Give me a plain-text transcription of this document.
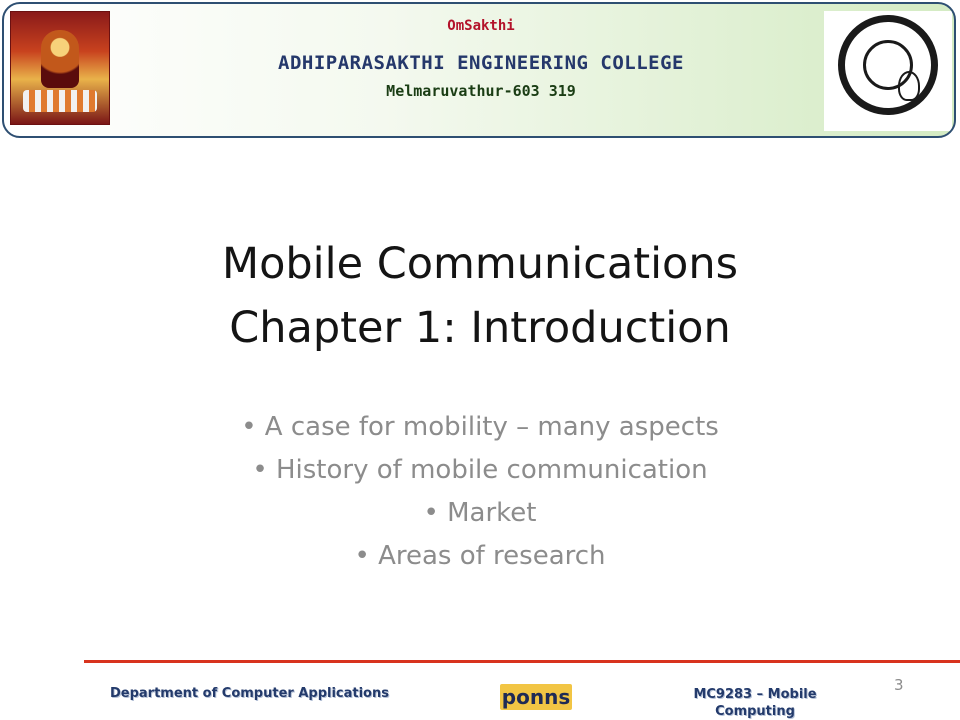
OmSakthi
ADHIPARASAKTHI ENGINEERING COLLEGE
Melmaruvathur-603 319
Mobile Communications
Chapter 1: Introduction
• A case for mobility – many aspects
• History of mobile communication
• Market
• Areas of research
Department of Computer Applications	ponns	MC9283 – Mobile
Computing
3
